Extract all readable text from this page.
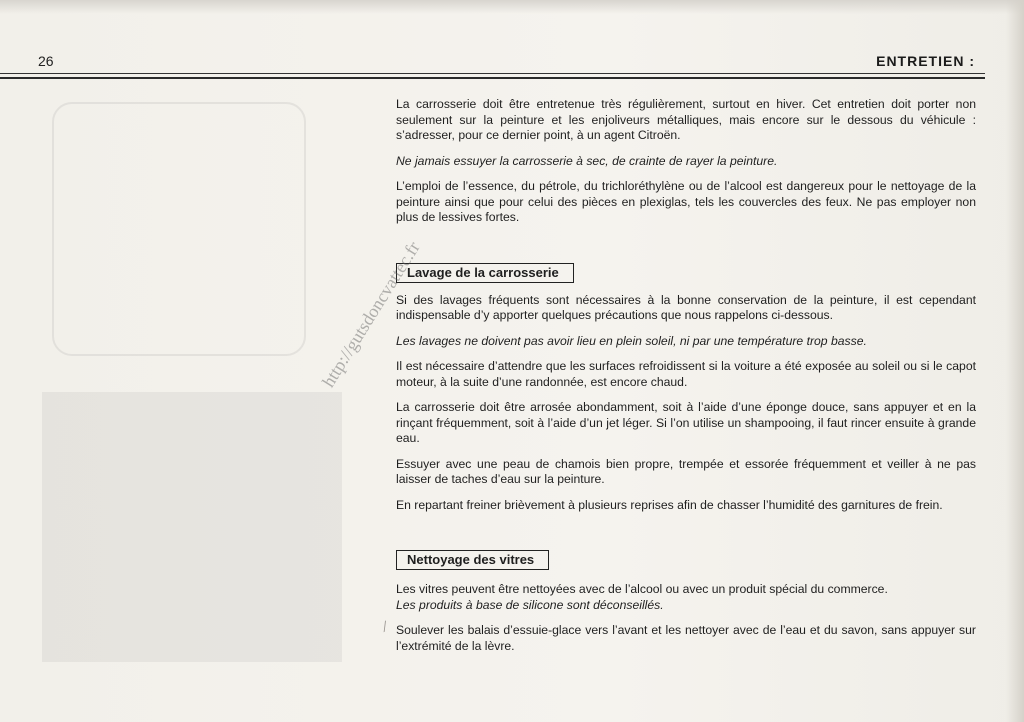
26	ENTRETIEN :

La carrosserie doit être entretenue très régulièrement, surtout en hiver. Cet entretien doit porter non seulement sur la peinture et les enjoliveurs métalliques, mais encore sur le dessous du véhicule : s’adresser, pour ce dernier point, à un agent Citroën.

Ne jamais essuyer la carrosserie à sec, de crainte de rayer la peinture.

L’emploi de l’essence, du pétrole, du trichloréthylène ou de l’alcool est dangereux pour le nettoyage de la peinture ainsi que pour celui des pièces en plexiglas, tels les couvercles des feux. Ne pas employer non plus de lessives fortes.

Lavage de la carrosserie

Si des lavages fréquents sont nécessaires à la bonne conservation de la peinture, il est cependant indispensable d’y apporter quelques précautions que nous rappelons ci-dessous.

Les lavages ne doivent pas avoir lieu en plein soleil, ni par une température trop basse.

Il est nécessaire d’attendre que les surfaces refroidissent si la voiture a été exposée au soleil ou si le capot moteur, à la suite d’une randonnée, est encore chaud.

La carrosserie doit être arrosée abondamment, soit à l’aide d’une éponge douce, sans appuyer et en la rinçant fréquemment, soit à l’aide d’un jet léger. Si l’on utilise un shampooing, il faut rincer ensuite à grande eau.

Essuyer avec une peau de chamois bien propre, trempée et essorée fréquemment et veiller à ne pas laisser de taches d’eau sur la peinture.

En repartant freiner brièvement à plusieurs reprises afin de chasser l’humidité des garnitures de frein.

Nettoyage des vitres

Les vitres peuvent être nettoyées avec de l’alcool ou avec un produit spécial du commerce.
Les produits à base de silicone sont déconseillés.

Soulever les balais d’essuie-glace vers l’avant et les nettoyer avec de l’eau et du savon, sans appuyer sur l’extrémité de la lèvre.

http://gutsdoncvattec.fr
⁄
